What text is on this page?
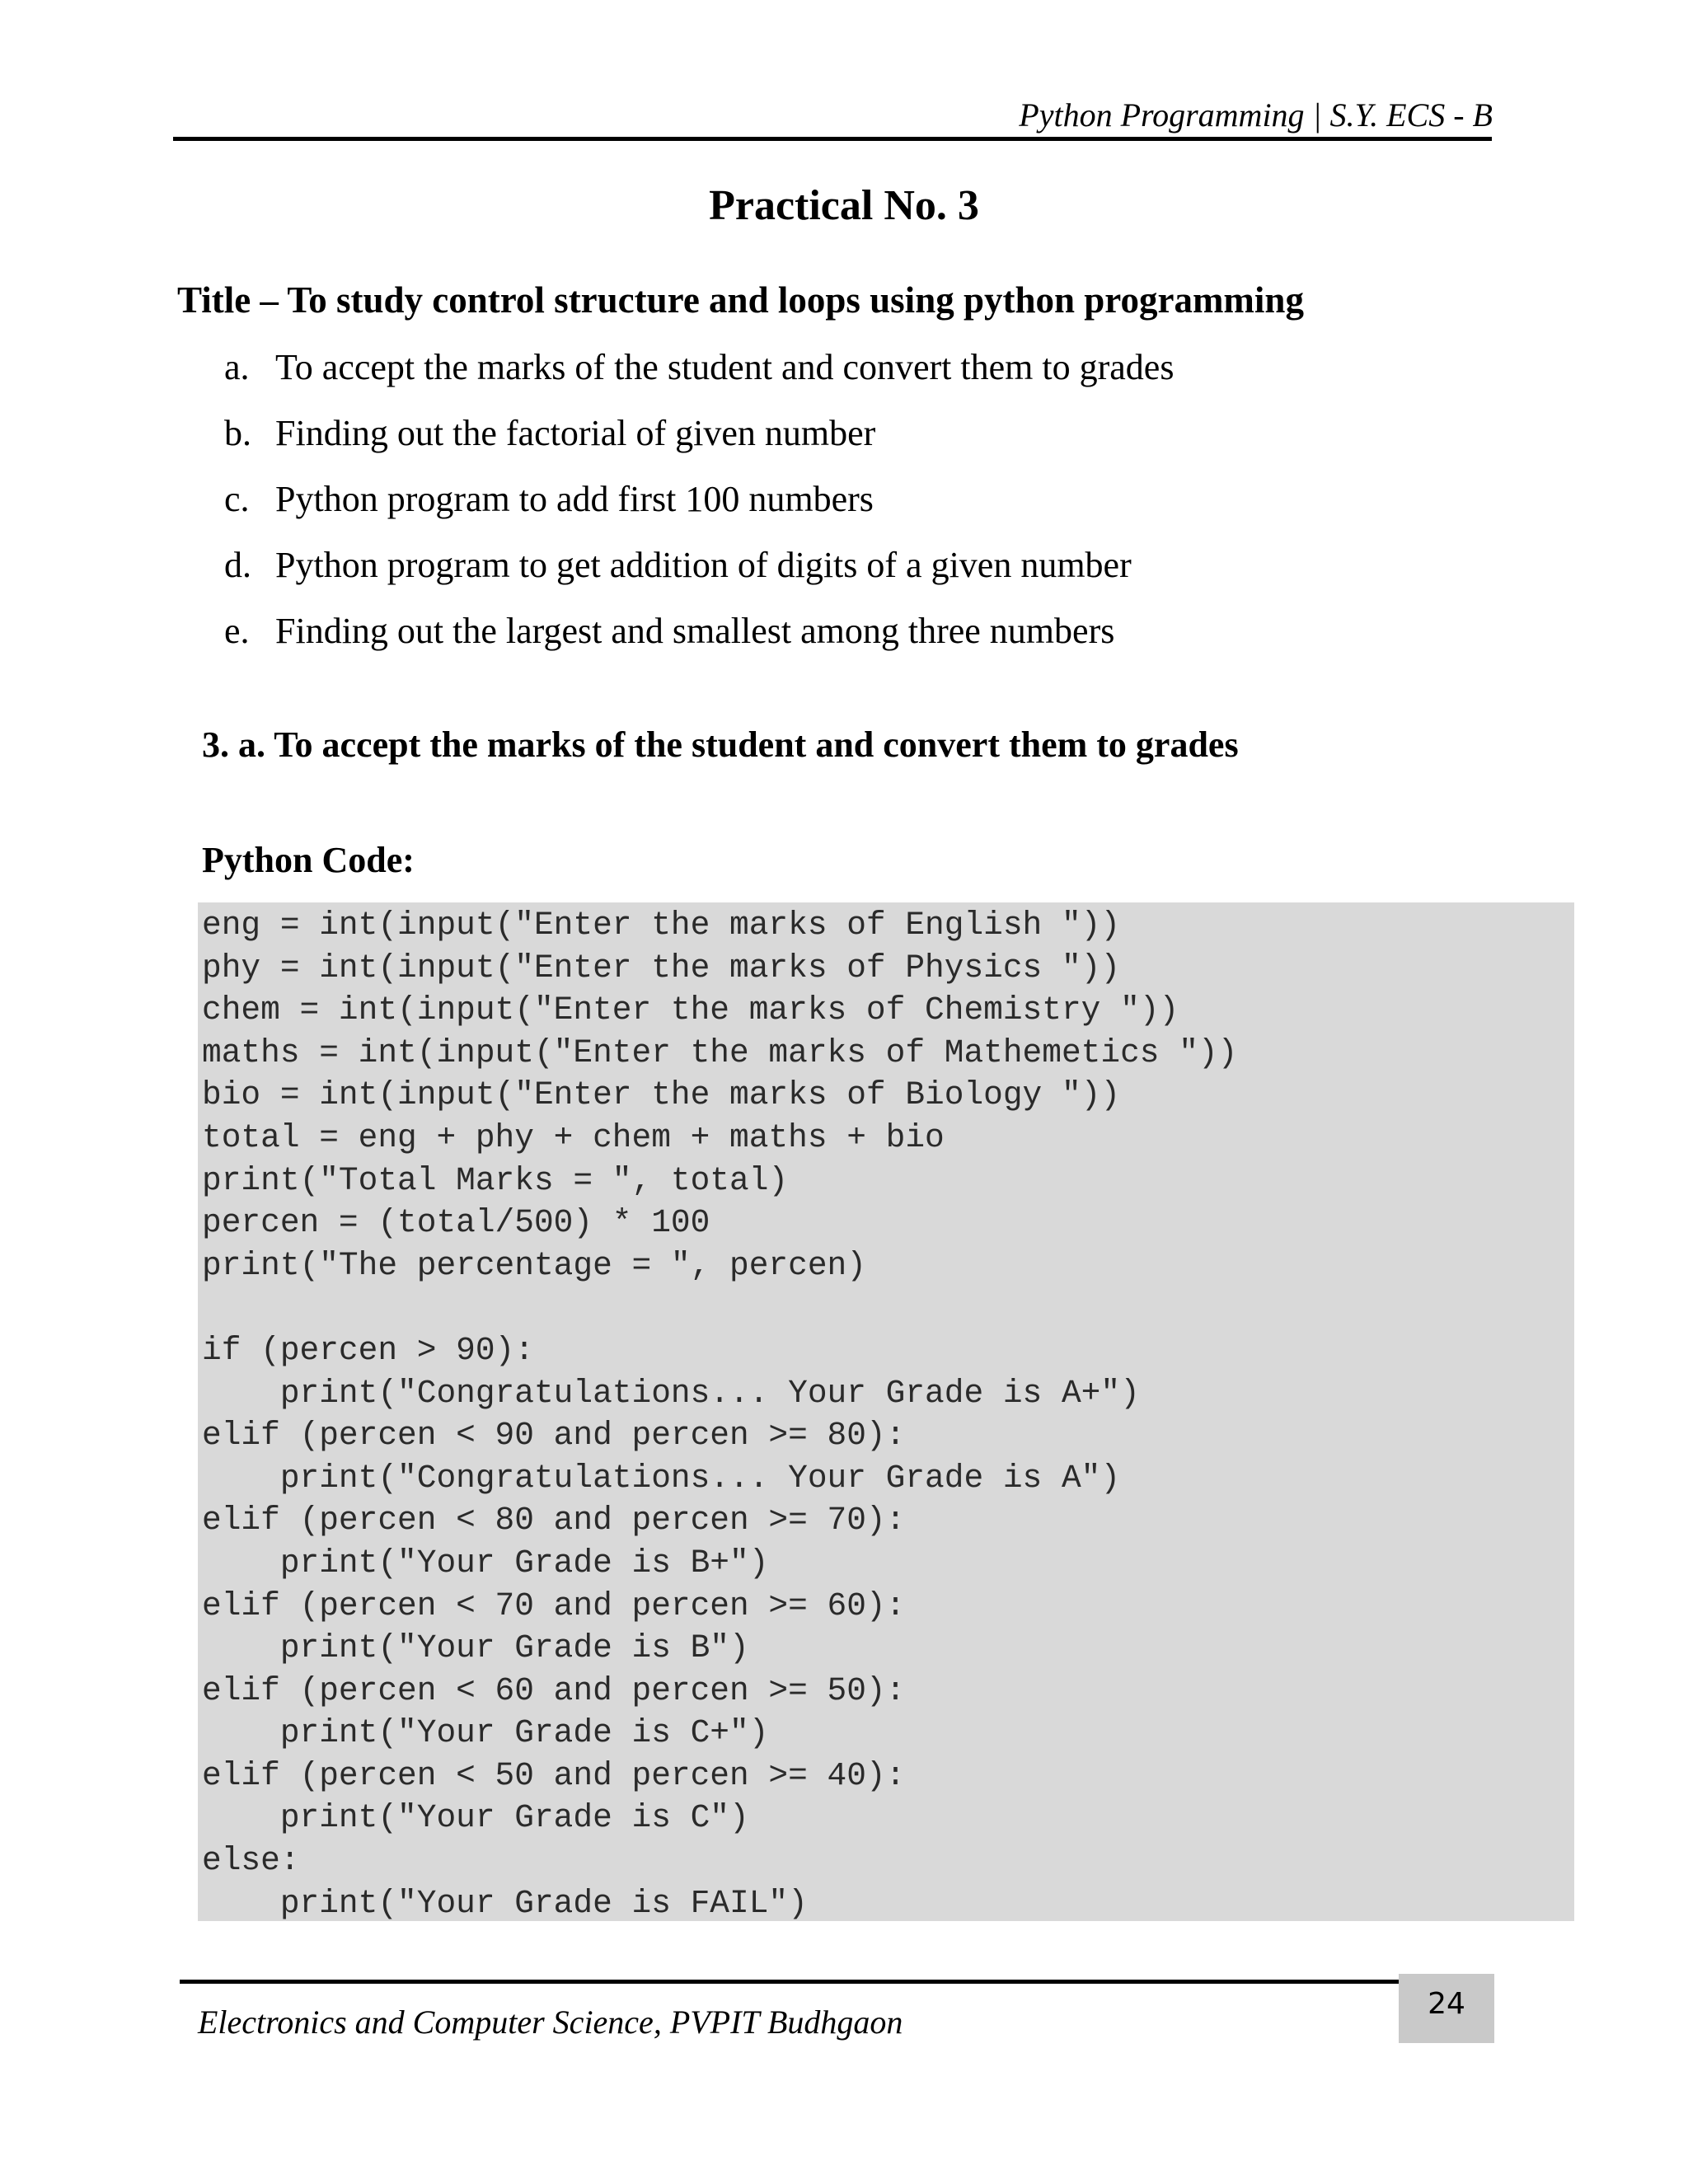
Python Programming | S.Y. ECS - B
Practical No. 3
Title – To study control structure and loops using python programming
a. To accept the marks of the student and convert them to grades
b. Finding out the factorial of given number
c. Python program to add first 100 numbers
d. Python program to get addition of digits of a given number
e. Finding out the largest and smallest among three numbers
3. a. To accept the marks of the student and convert them to grades
Python Code:
eng = int(input("Enter the marks of English "))
phy = int(input("Enter the marks of Physics "))
chem = int(input("Enter the marks of Chemistry "))
maths = int(input("Enter the marks of Mathemetics "))
bio = int(input("Enter the marks of Biology "))
total = eng + phy + chem + maths + bio
print("Total Marks = ", total)
percen = (total/500) * 100
print("The percentage = ", percen)
if (percen > 90):
print("Congratulations... Your Grade is A+")
elif (percen < 90 and percen >= 80):
print("Congratulations... Your Grade is A")
elif (percen < 80 and percen >= 70):
print("Your Grade is B+")
elif (percen < 70 and percen >= 60):
print("Your Grade is B")
elif (percen < 60 and percen >= 50):
print("Your Grade is C+")
elif (percen < 50 and percen >= 40):
print("Your Grade is C")
else:
print("Your Grade is FAIL")
Electronics and Computer Science, PVPIT Budhgaon	24
